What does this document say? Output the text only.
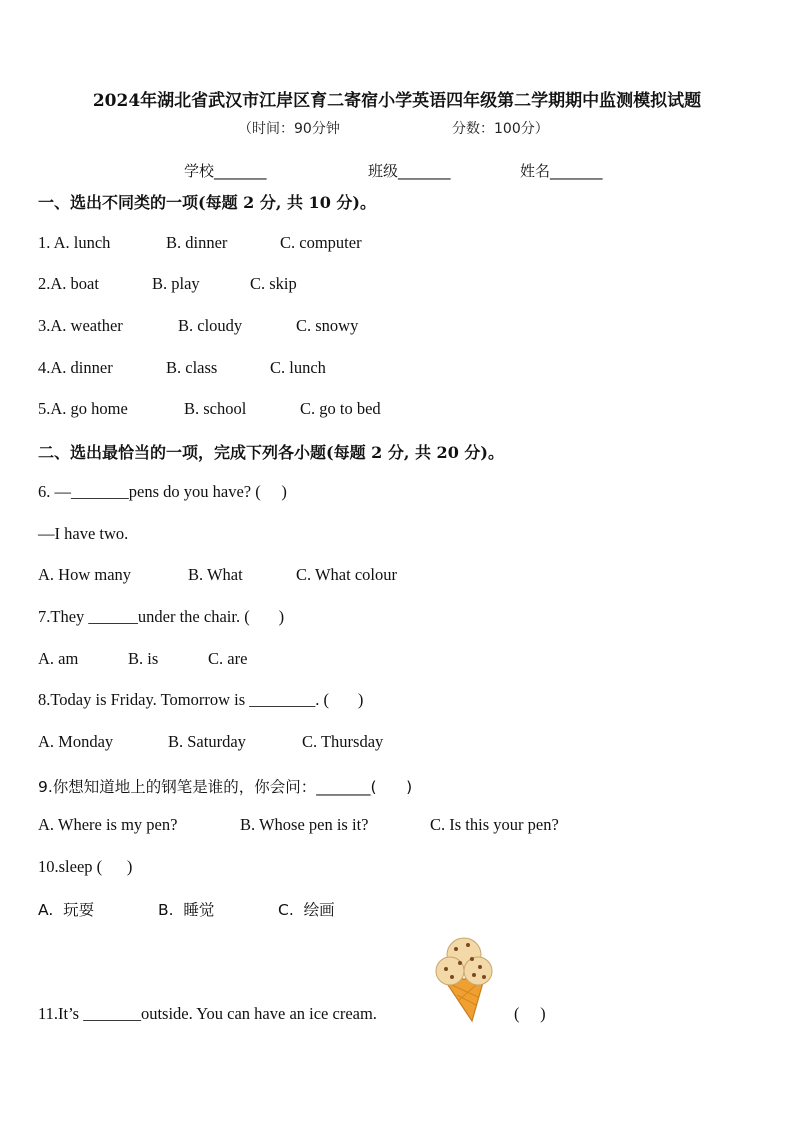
2024年湖北省武汉市江岸区育二寄宿小学英语四年级第二学期期中监测模拟试题
（时间：90分钟	分数：100分）
学校_______	班级_______	姓名_______
一、选出不同类的一项(每题 2 分, 共 10 分)。
1. A. lunch	B. dinner	C. computer
2.A. boat	B. play	C. skip
3.A. weather	B. cloudy	C. snowy
4.A. dinner	B. class	C. lunch
5.A. go home	B. school	C. go to bed
二、选出最恰当的一项，完成下列各小题(每题 2 分, 共 20 分)。
6. —_______pens do you have? (     )
—I have two.
A. How many	B. What	C. What colour
7.They ______under the chair. (       )
A. am	B. is	C. are
8.Today is Friday. Tomorrow is ________. (       )
A. Monday	B. Saturday	C. Thursday
9.你想知道地上的钢笔是谁的，你会问：_______(      )
A. Where is my pen?	B. Whose pen is it?	C. Is this your pen?
10.sleep (      )
A.  玩耍	B.  睡觉	C.  绘画
11.It’s _______outside. You can have an ice cream.	(     )
